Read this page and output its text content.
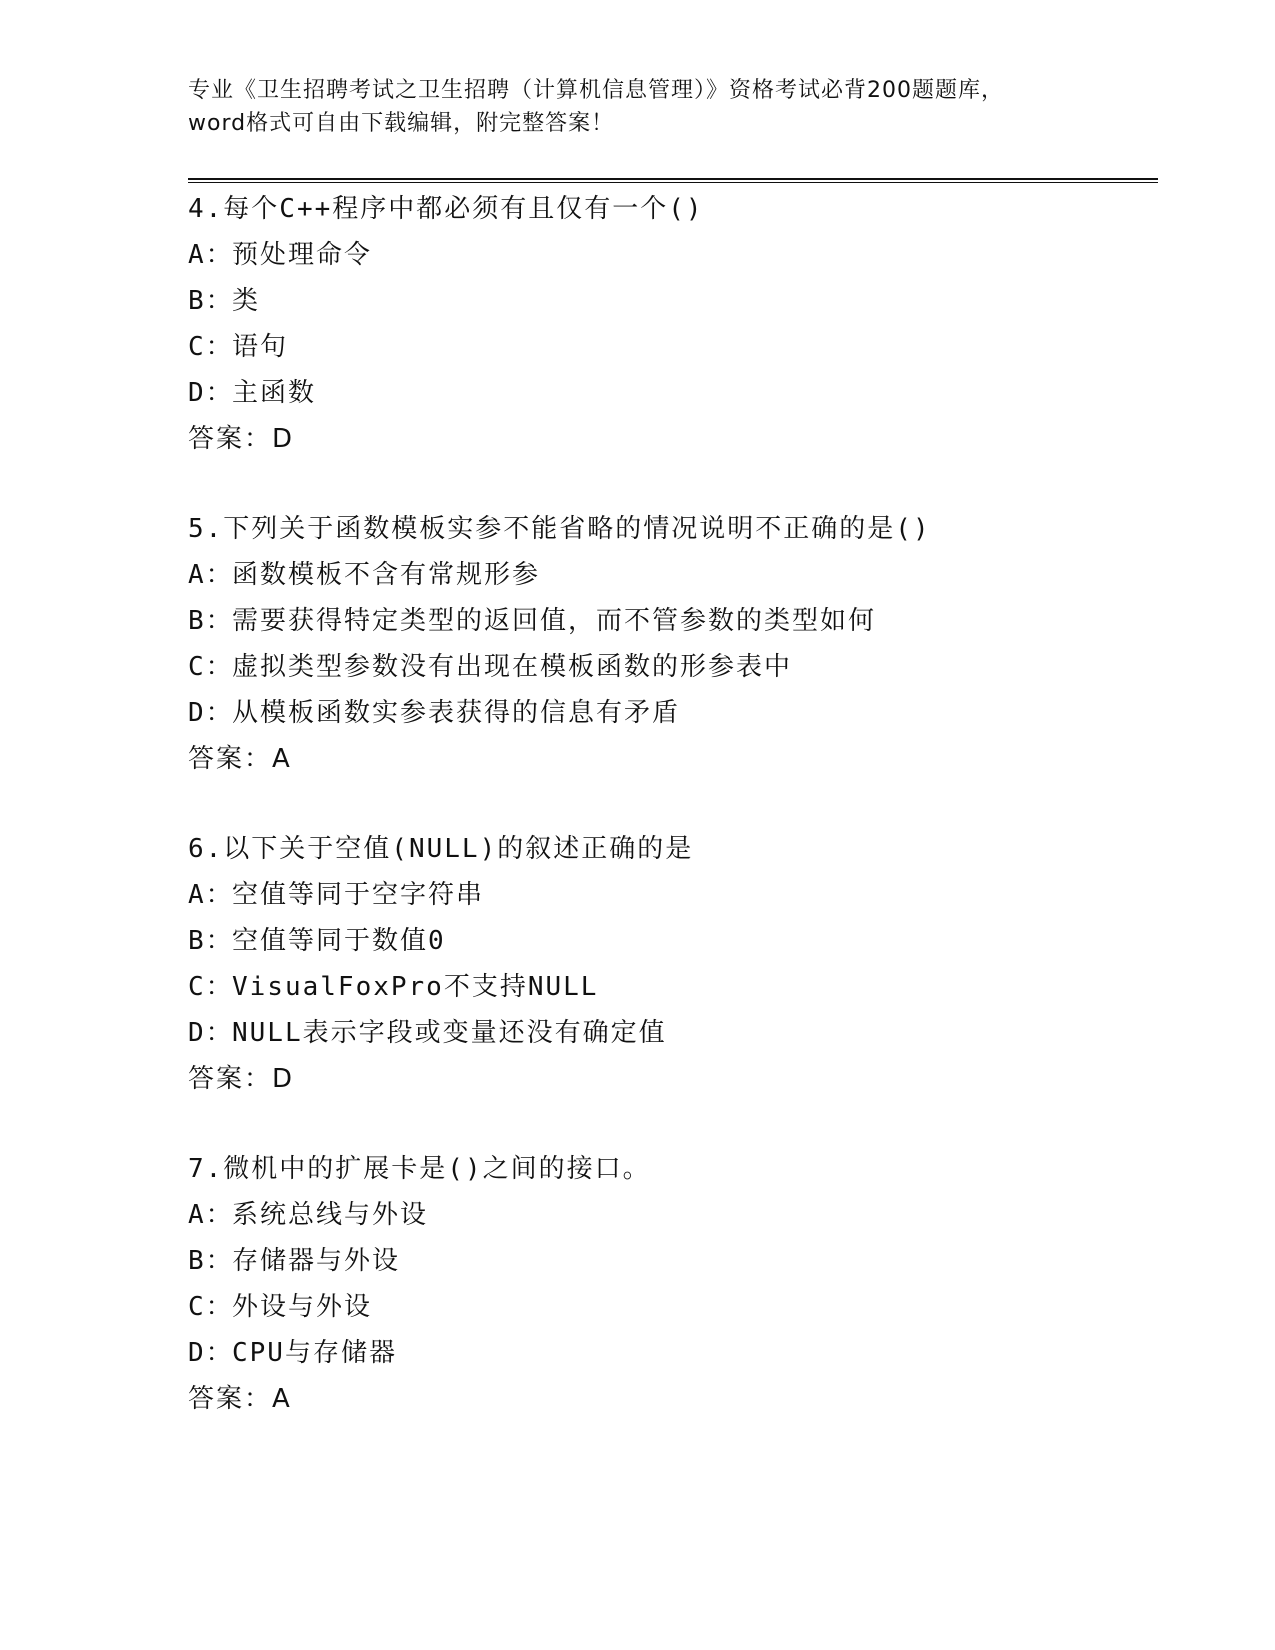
专业《卫生招聘考试之卫生招聘（计算机信息管理）》资格考试必背200题题库，
word格式可自由下载编辑，附完整答案！
4.每个C++程序中都必须有且仅有一个()
A：预处理命令
B：类
C：语句
D：主函数
答案：D
5.下列关于函数模板实参不能省略的情况说明不正确的是()
A：函数模板不含有常规形参
B：需要获得特定类型的返回值，而不管参数的类型如何
C：虚拟类型参数没有出现在模板函数的形参表中
D：从模板函数实参表获得的信息有矛盾
答案：A
6.以下关于空值(NULL)的叙述正确的是
A：空值等同于空字符串
B：空值等同于数值0
C：VisualFoxPro不支持NULL
D：NULL表示字段或变量还没有确定值
答案：D
7.微机中的扩展卡是()之间的接口。
A：系统总线与外设
B：存储器与外设
C：外设与外设
D：CPU与存储器
答案：A
